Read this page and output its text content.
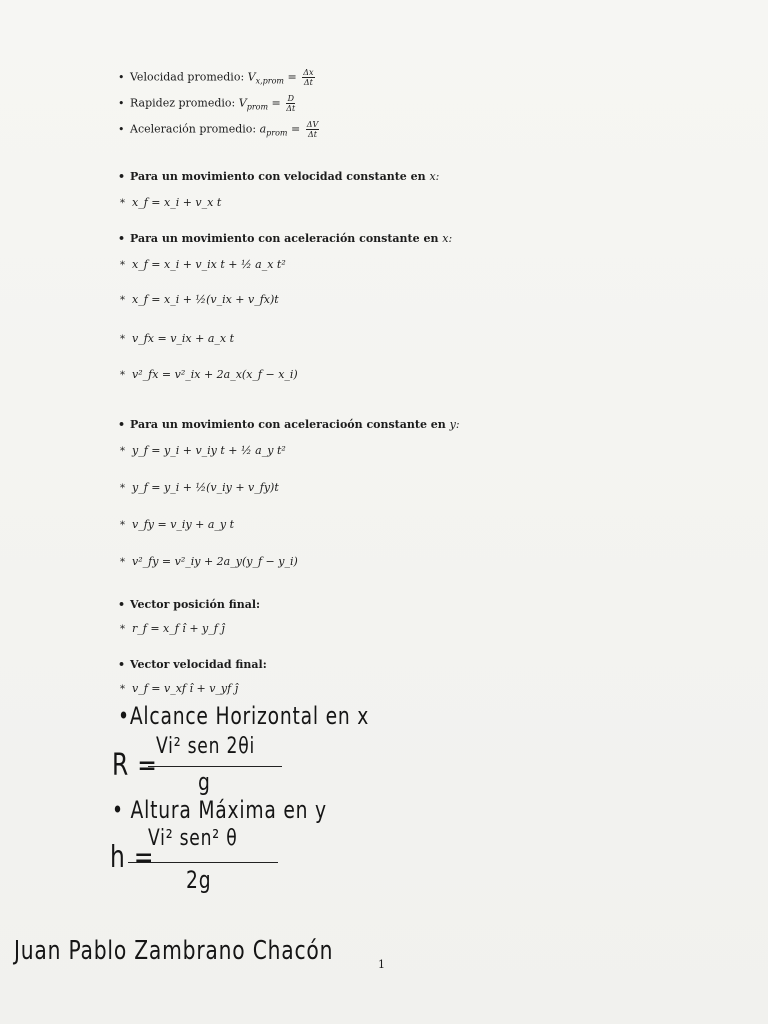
• Velocidad promedio: $V_{x,prom} = \frac{\Delta x}{\Delta t}$
• Rapidez promedio: $V_{prom} = \frac{D}{\Delta t}$
• Aceleración promedio: $a_{prom} = \frac{\Delta V}{\Delta t}$
• Para un movimiento con velocidad constante en x:
* x_f = x_i + v_x t
• Para un movimiento con aceleración constante en x:
* x_f = x_i + v_ix t + ½ a_x t²
* x_f = x_i + ½(v_ix + v_fx)t
* v_fx = v_ix + a_x t
* v²_fx = v²_ix + 2a_x(x_f − x_i)
• Para un movimiento con aceleracioón constante en y:
* y_f = y_i + v_iy t + ½ a_y t²
* y_f = y_i + ½(v_iy + v_fy)t
* v_fy = v_iy + a_y t
* v²_fy = v²_iy + 2a_y(y_f − y_i)
• Vector posición final:
* r_f = x_f î + y_f ĵ
• Vector velocidad final:
* v_f = v_xf î + v_yf ĵ
•Alcance Horizontal en x
R =
Vi² sen 2θi
g
• Altura Máxima en y
h =
Vi² sen² θ
2g
Juan Pablo Zambrano Chacón	1
